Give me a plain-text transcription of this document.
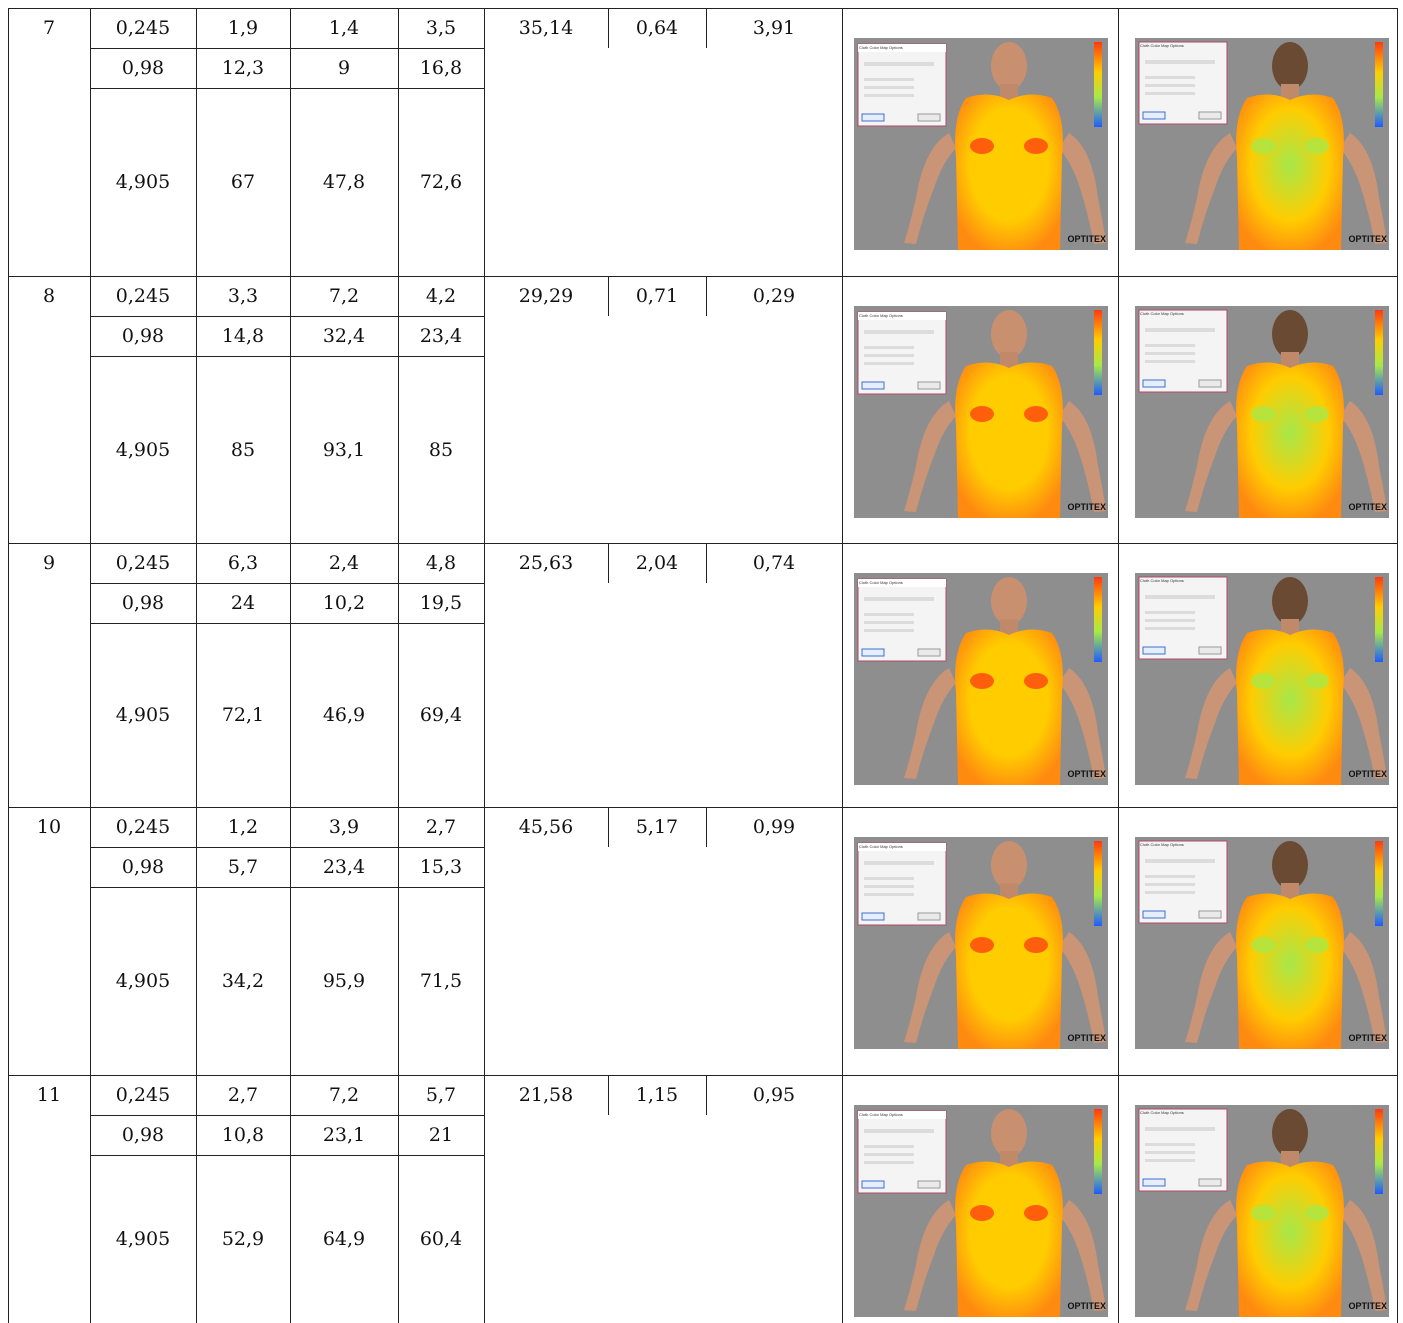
7	0,245	1,9	1,4	3,5
0,98	12,3	9	16,8
4,905	67	47,8	72,6
35,14	0,64	3,91
Cloth Color Map Options
OPTITEX
Cloth Color Map Options
OPTITEX
8	0,245	3,3	7,2	4,2
0,98	14,8	32,4	23,4
4,905	85	93,1	85
29,29	0,71	0,29
Cloth Color Map Options
OPTITEX
Cloth Color Map Options
OPTITEX
9	0,245	6,3	2,4	4,8
0,98	24	10,2	19,5
4,905	72,1	46,9	69,4
25,63	2,04	0,74
Cloth Color Map Options
OPTITEX
Cloth Color Map Options
OPTITEX
10	0,245	1,2	3,9	2,7
0,98	5,7	23,4	15,3
4,905	34,2	95,9	71,5
45,56	5,17	0,99
Cloth Color Map Options
OPTITEX
Cloth Color Map Options
OPTITEX
11	0,245	2,7	7,2	5,7
0,98	10,8	23,1	21
4,905	52,9	64,9	60,4
21,58	1,15	0,95
Cloth Color Map Options
OPTITEX
Cloth Color Map Options
OPTITEX
